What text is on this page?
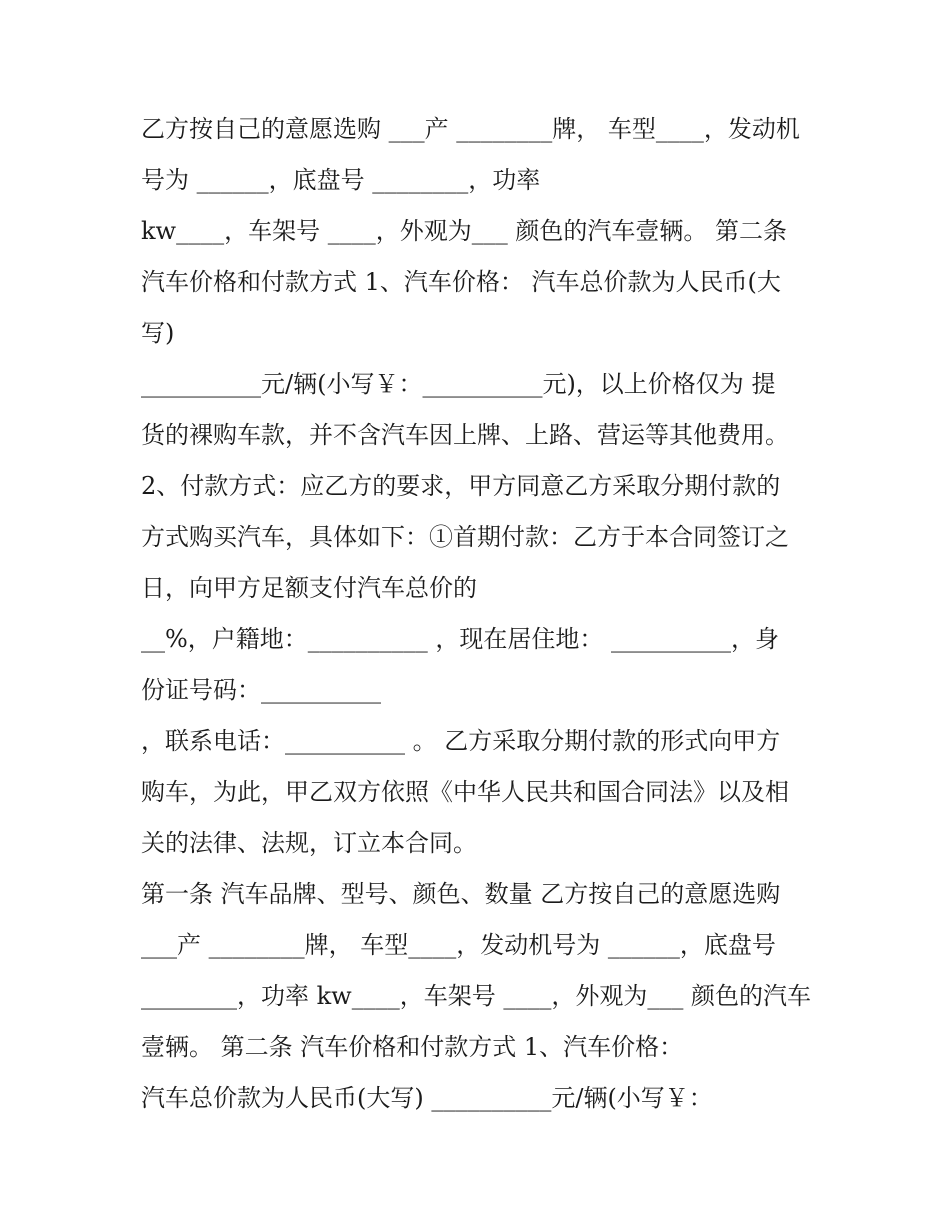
乙方按自己的意愿选购 ___产 ________牌， 车型____，发动机
号为 ______，底盘号 ________，功率
kw____，车架号 ____，外观为___ 颜色的汽车壹辆。 第二条
汽车价格和付款方式 1、汽车价格： 汽车总价款为人民币(大
写)
__________元/辆(小写￥：__________元)，以上价格仅为 提
货的裸购车款，并不含汽车因上牌、上路、营运等其他费用。
2、付款方式：应乙方的要求，甲方同意乙方采取分期付款的
方式购买汽车，具体如下：①首期付款：乙方于本合同签订之
日，向甲方足额支付汽车总价的
__%，户籍地：__________ ，现在居住地： __________，身
份证号码：__________
，联系电话：__________ 。 乙方采取分期付款的形式向甲方
购车，为此，甲乙双方依照《中华人民共和国合同法》以及相
关的法律、法规，订立本合同。
第一条 汽车品牌、型号、颜色、数量 乙方按自己的意愿选购
___产 ________牌， 车型____，发动机号为 ______，底盘号
________，功率 kw____，车架号 ____，外观为___ 颜色的汽车
壹辆。 第二条 汽车价格和付款方式 1、汽车价格：
汽车总价款为人民币(大写) __________元/辆(小写￥：
